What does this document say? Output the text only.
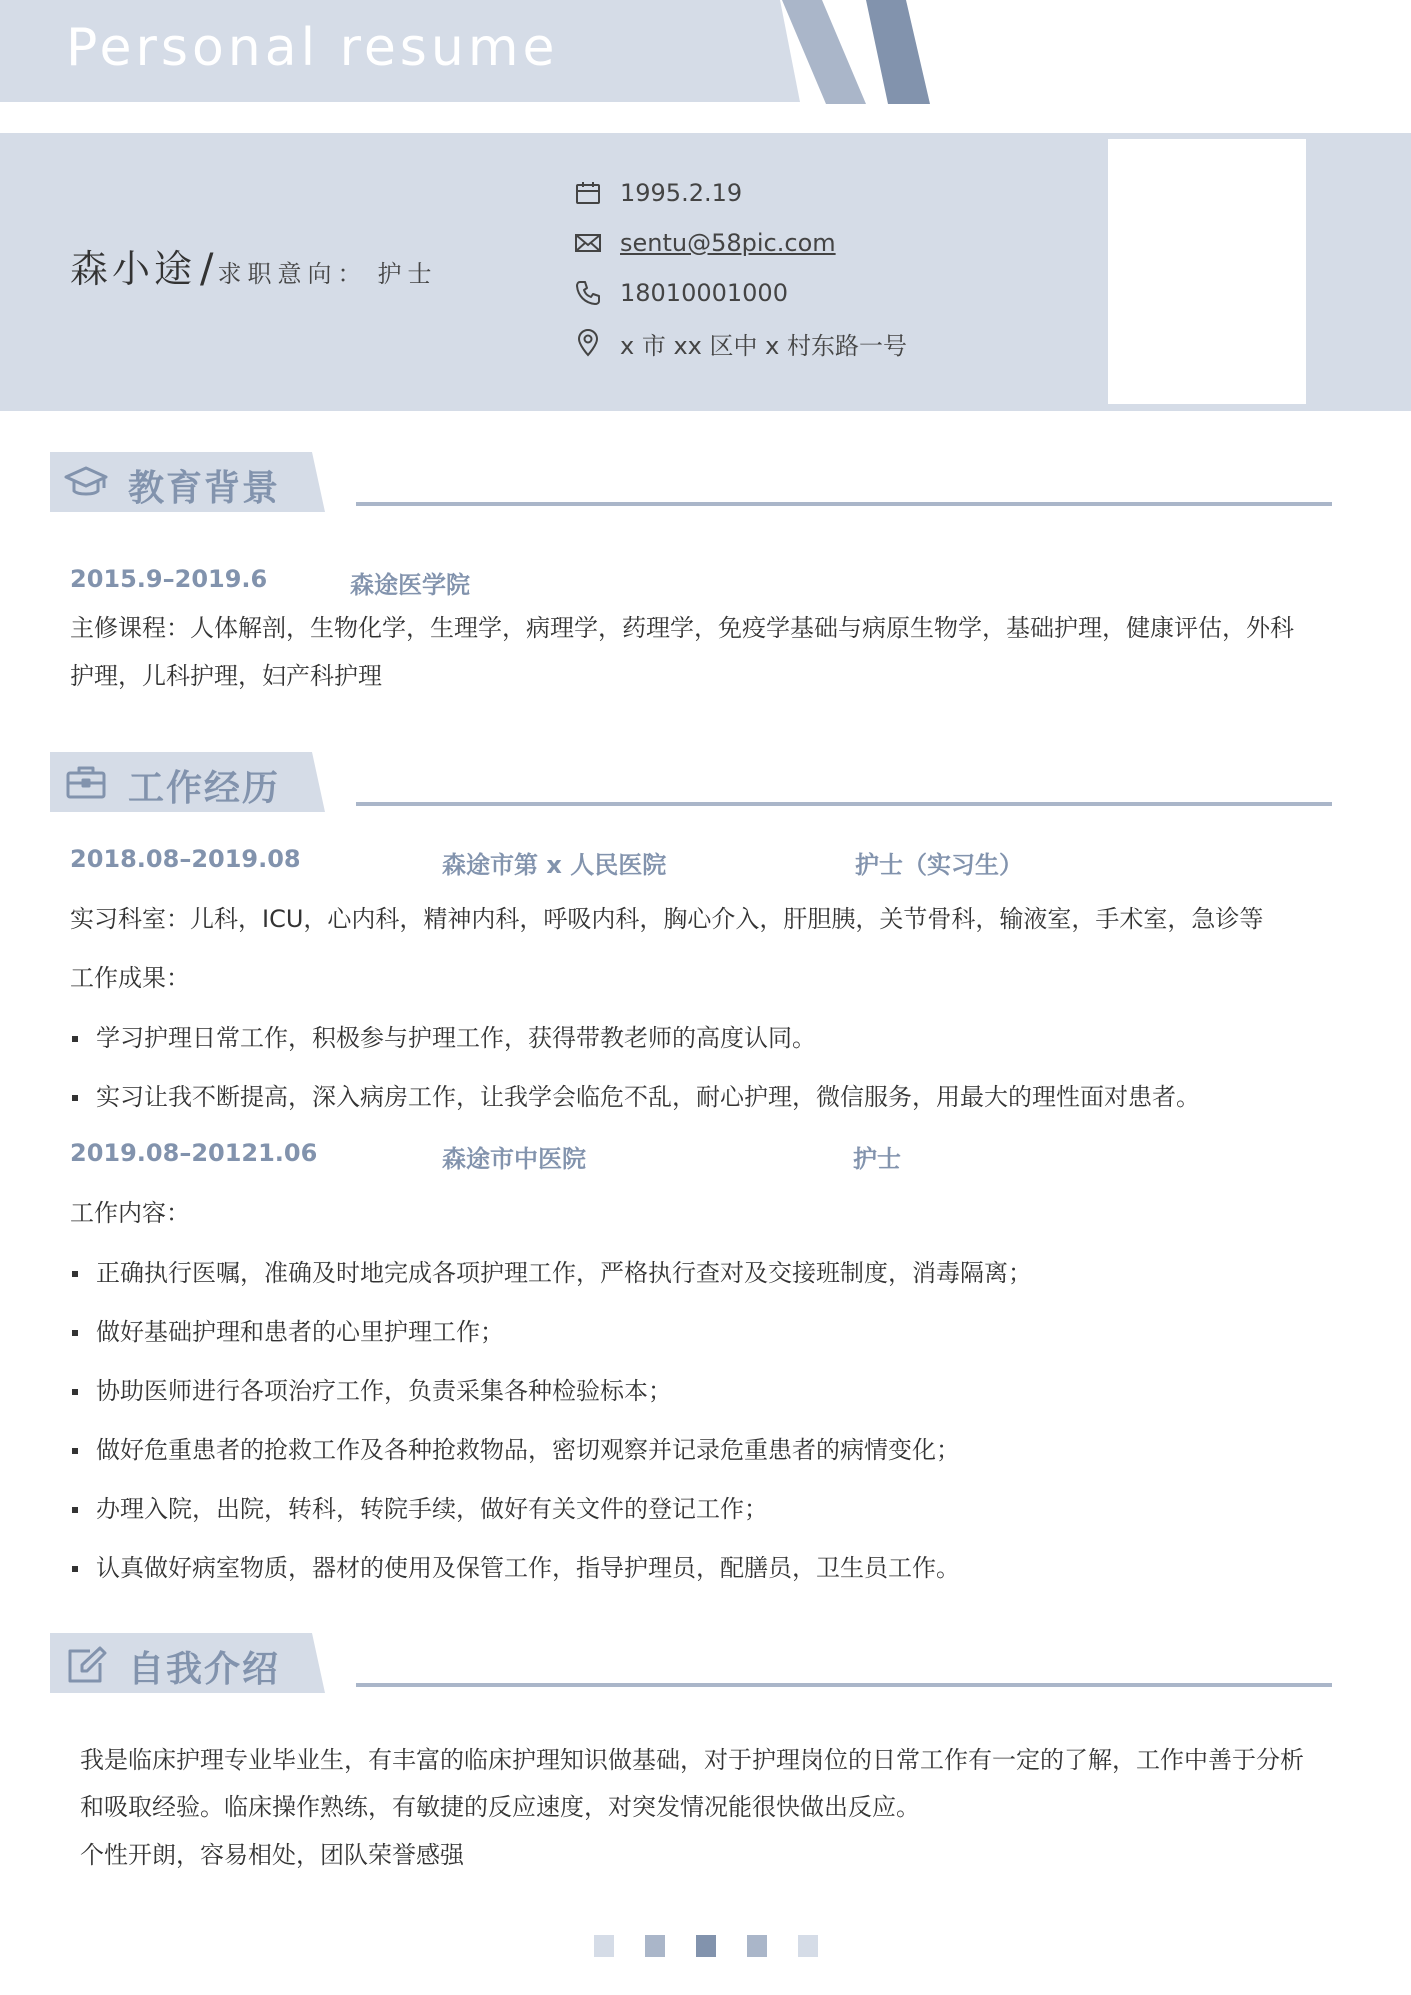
Personal resume
森小途 / 求职意向： 护士
1995.2.19
sentu@58pic.com
18010001000
x 市 xx 区中 x 村东路一号
教育背景
2015.9–2019.6	森途医学院
主修课程：人体解剖，生物化学，生理学，病理学，药理学，免疫学基础与病原生物学，基础护理，健康评估，外科
护理，儿科护理，妇产科护理
工作经历
2018.08–2019.08	森途市第 x 人民医院	护士（实习生）
实习科室：儿科，ICU，心内科，精神内科，呼吸内科，胸心介入，肝胆胰，关节骨科，输液室，手术室，急诊等
工作成果：
学习护理日常工作，积极参与护理工作，获得带教老师的高度认同。
实习让我不断提高，深入病房工作，让我学会临危不乱，耐心护理，微信服务，用最大的理性面对患者。
2019.08–20121.06	森途市中医院	护士
工作内容：
正确执行医嘱，准确及时地完成各项护理工作，严格执行查对及交接班制度，消毒隔离；
做好基础护理和患者的心里护理工作；
协助医师进行各项治疗工作，负责采集各种检验标本；
做好危重患者的抢救工作及各种抢救物品，密切观察并记录危重患者的病情变化；
办理入院，出院，转科，转院手续，做好有关文件的登记工作；
认真做好病室物质，器材的使用及保管工作，指导护理员，配膳员，卫生员工作。
自我介绍
我是临床护理专业毕业生，有丰富的临床护理知识做基础，对于护理岗位的日常工作有一定的了解，工作中善于分析
和吸取经验。临床操作熟练，有敏捷的反应速度，对突发情况能很快做出反应。
个性开朗，容易相处，团队荣誉感强
